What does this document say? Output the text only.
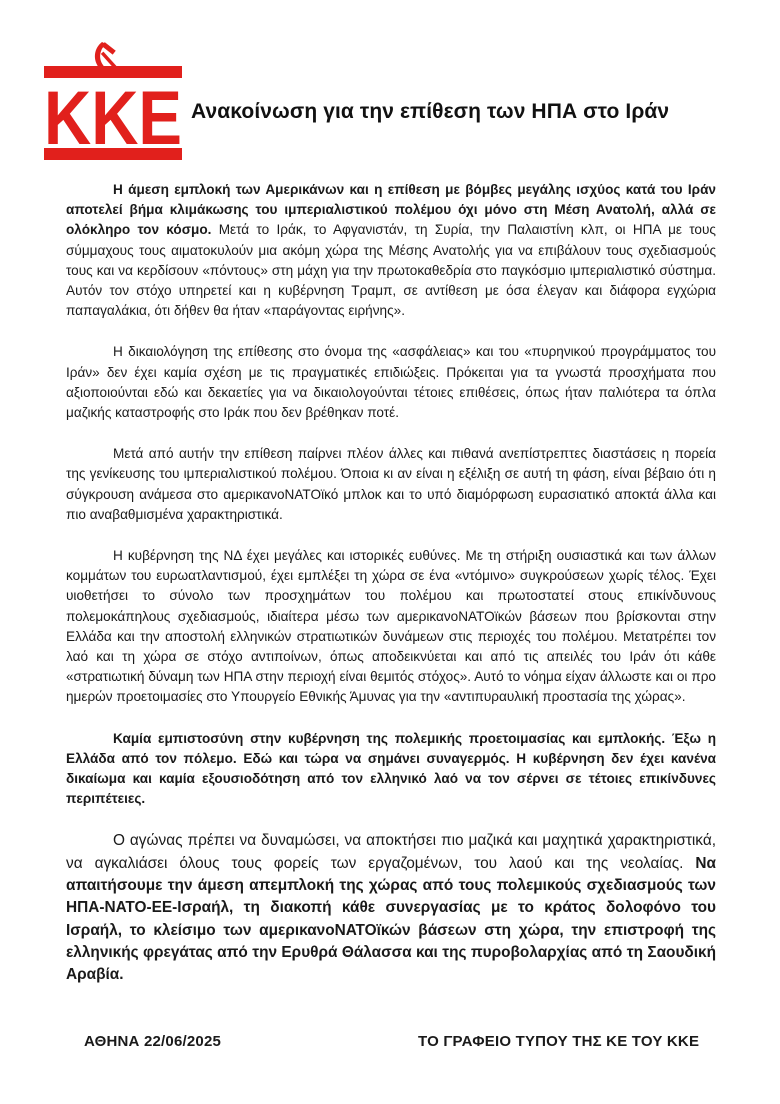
ΚΚΕ Ανακοίνωση για την επίθεση των ΗΠΑ στο Ιράν

Η άμεση εμπλοκή των Αμερικάνων και η επίθεση με βόμβες μεγάλης ισχύος κατά του Ιράν αποτελεί βήμα κλιμάκωσης του ιμπεριαλιστικού πολέμου όχι μόνο στη Μέση Ανατολή, αλλά σε ολόκληρο τον κόσμο. Μετά το Ιράκ, το Αφγανιστάν, τη Συρία, την Παλαιστίνη κλπ, οι ΗΠΑ με τους σύμμαχους τους αιματοκυλούν μια ακόμη χώρα της Μέσης Ανατολής για να επιβάλουν τους σχεδιασμούς τους και να κερδίσουν «πόντους» στη μάχη για την πρωτοκαθεδρία στο παγκόσμιο ιμπεριαλιστικό σύστημα. Αυτόν τον στόχο υπηρετεί και η κυβέρνηση Τραμπ, σε αντίθεση με όσα έλεγαν και διάφορα εγχώρια παπαγαλάκια, ότι δήθεν θα ήταν «παράγοντας ειρήνης».

Η δικαιολόγηση της επίθεσης στο όνομα της «ασφάλειας» και του «πυρηνικού προγράμματος του Ιράν» δεν έχει καμία σχέση με τις πραγματικές επιδιώξεις. Πρόκειται για τα γνωστά προσχήματα που αξιοποιούνται εδώ και δεκαετίες για να δικαιολογούνται τέτοιες επιθέσεις, όπως ήταν παλιότερα τα όπλα μαζικής καταστροφής στο Ιράκ που δεν βρέθηκαν ποτέ.

Μετά από αυτήν την επίθεση παίρνει πλέον άλλες και πιθανά ανεπίστρεπτες διαστάσεις η πορεία της γενίκευσης του ιμπεριαλιστικού πολέμου. Όποια κι αν είναι η εξέλιξη σε αυτή τη φάση, είναι βέβαιο ότι η σύγκρουση ανάμεσα στο αμερικανοΝΑΤΟϊκό μπλοκ και το υπό διαμόρφωση ευρασιατικό αποκτά άλλα και πιο αναβαθμισμένα χαρακτηριστικά.

Η κυβέρνηση της ΝΔ έχει μεγάλες και ιστορικές ευθύνες. Με τη στήριξη ουσιαστικά και των άλλων κομμάτων του ευρωατλαντισμού, έχει εμπλέξει τη χώρα σε ένα «ντόμινο» συγκρούσεων χωρίς τέλος. Έχει υιοθετήσει το σύνολο των προσχημάτων του πολέμου και πρωτοστατεί στους επικίνδυνους πολεμοκάπηλους σχεδιασμούς, ιδιαίτερα μέσω των αμερικανοΝΑΤΟϊκών βάσεων που βρίσκονται στην Ελλάδα και την αποστολή ελληνικών στρατιωτικών δυνάμεων στις περιοχές του πολέμου. Μετατρέπει τον λαό και τη χώρα σε στόχο αντιποίνων, όπως αποδεικνύεται και από τις απειλές του Ιράν ότι κάθε «στρατιωτική δύναμη των ΗΠΑ στην περιοχή είναι θεμιτός στόχος». Αυτό το νόημα είχαν άλλωστε και οι προ ημερών προετοιμασίες στο Υπουργείο Εθνικής Άμυνας για την «αντιπυραυλική προστασία της χώρας».

Καμία εμπιστοσύνη στην κυβέρνηση της πολεμικής προετοιμασίας και εμπλοκής. Έξω η Ελλάδα από τον πόλεμο. Εδώ και τώρα να σημάνει συναγερμός. Η κυβέρνηση δεν έχει κανένα δικαίωμα και καμία εξουσιοδότηση από τον ελληνικό λαό να τον σέρνει σε τέτοιες επικίνδυνες περιπέτειες.

Ο αγώνας πρέπει να δυναμώσει, να αποκτήσει πιο μαζικά και μαχητικά χαρακτηριστικά, να αγκαλιάσει όλους τους φορείς των εργαζομένων, του λαού και της νεολαίας. Να απαιτήσουμε την άμεση απεμπλοκή της χώρας από τους πολεμικούς σχεδιασμούς των ΗΠΑ-ΝΑΤΟ-ΕΕ-Ισραήλ, τη διακοπή κάθε συνεργασίας με το κράτος δολοφόνο του Ισραήλ, το κλείσιμο των αμερικανοΝΑΤΟϊκών βάσεων στη χώρα, την επιστροφή της ελληνικής φρεγάτας από την Ερυθρά Θάλασσα και της πυροβολαρχίας από τη Σαουδική Αραβία.

ΑΘΗΝΑ 22/06/2025	ΤΟ ΓΡΑΦΕΙΟ ΤΥΠΟΥ ΤΗΣ ΚΕ ΤΟΥ ΚΚΕ
